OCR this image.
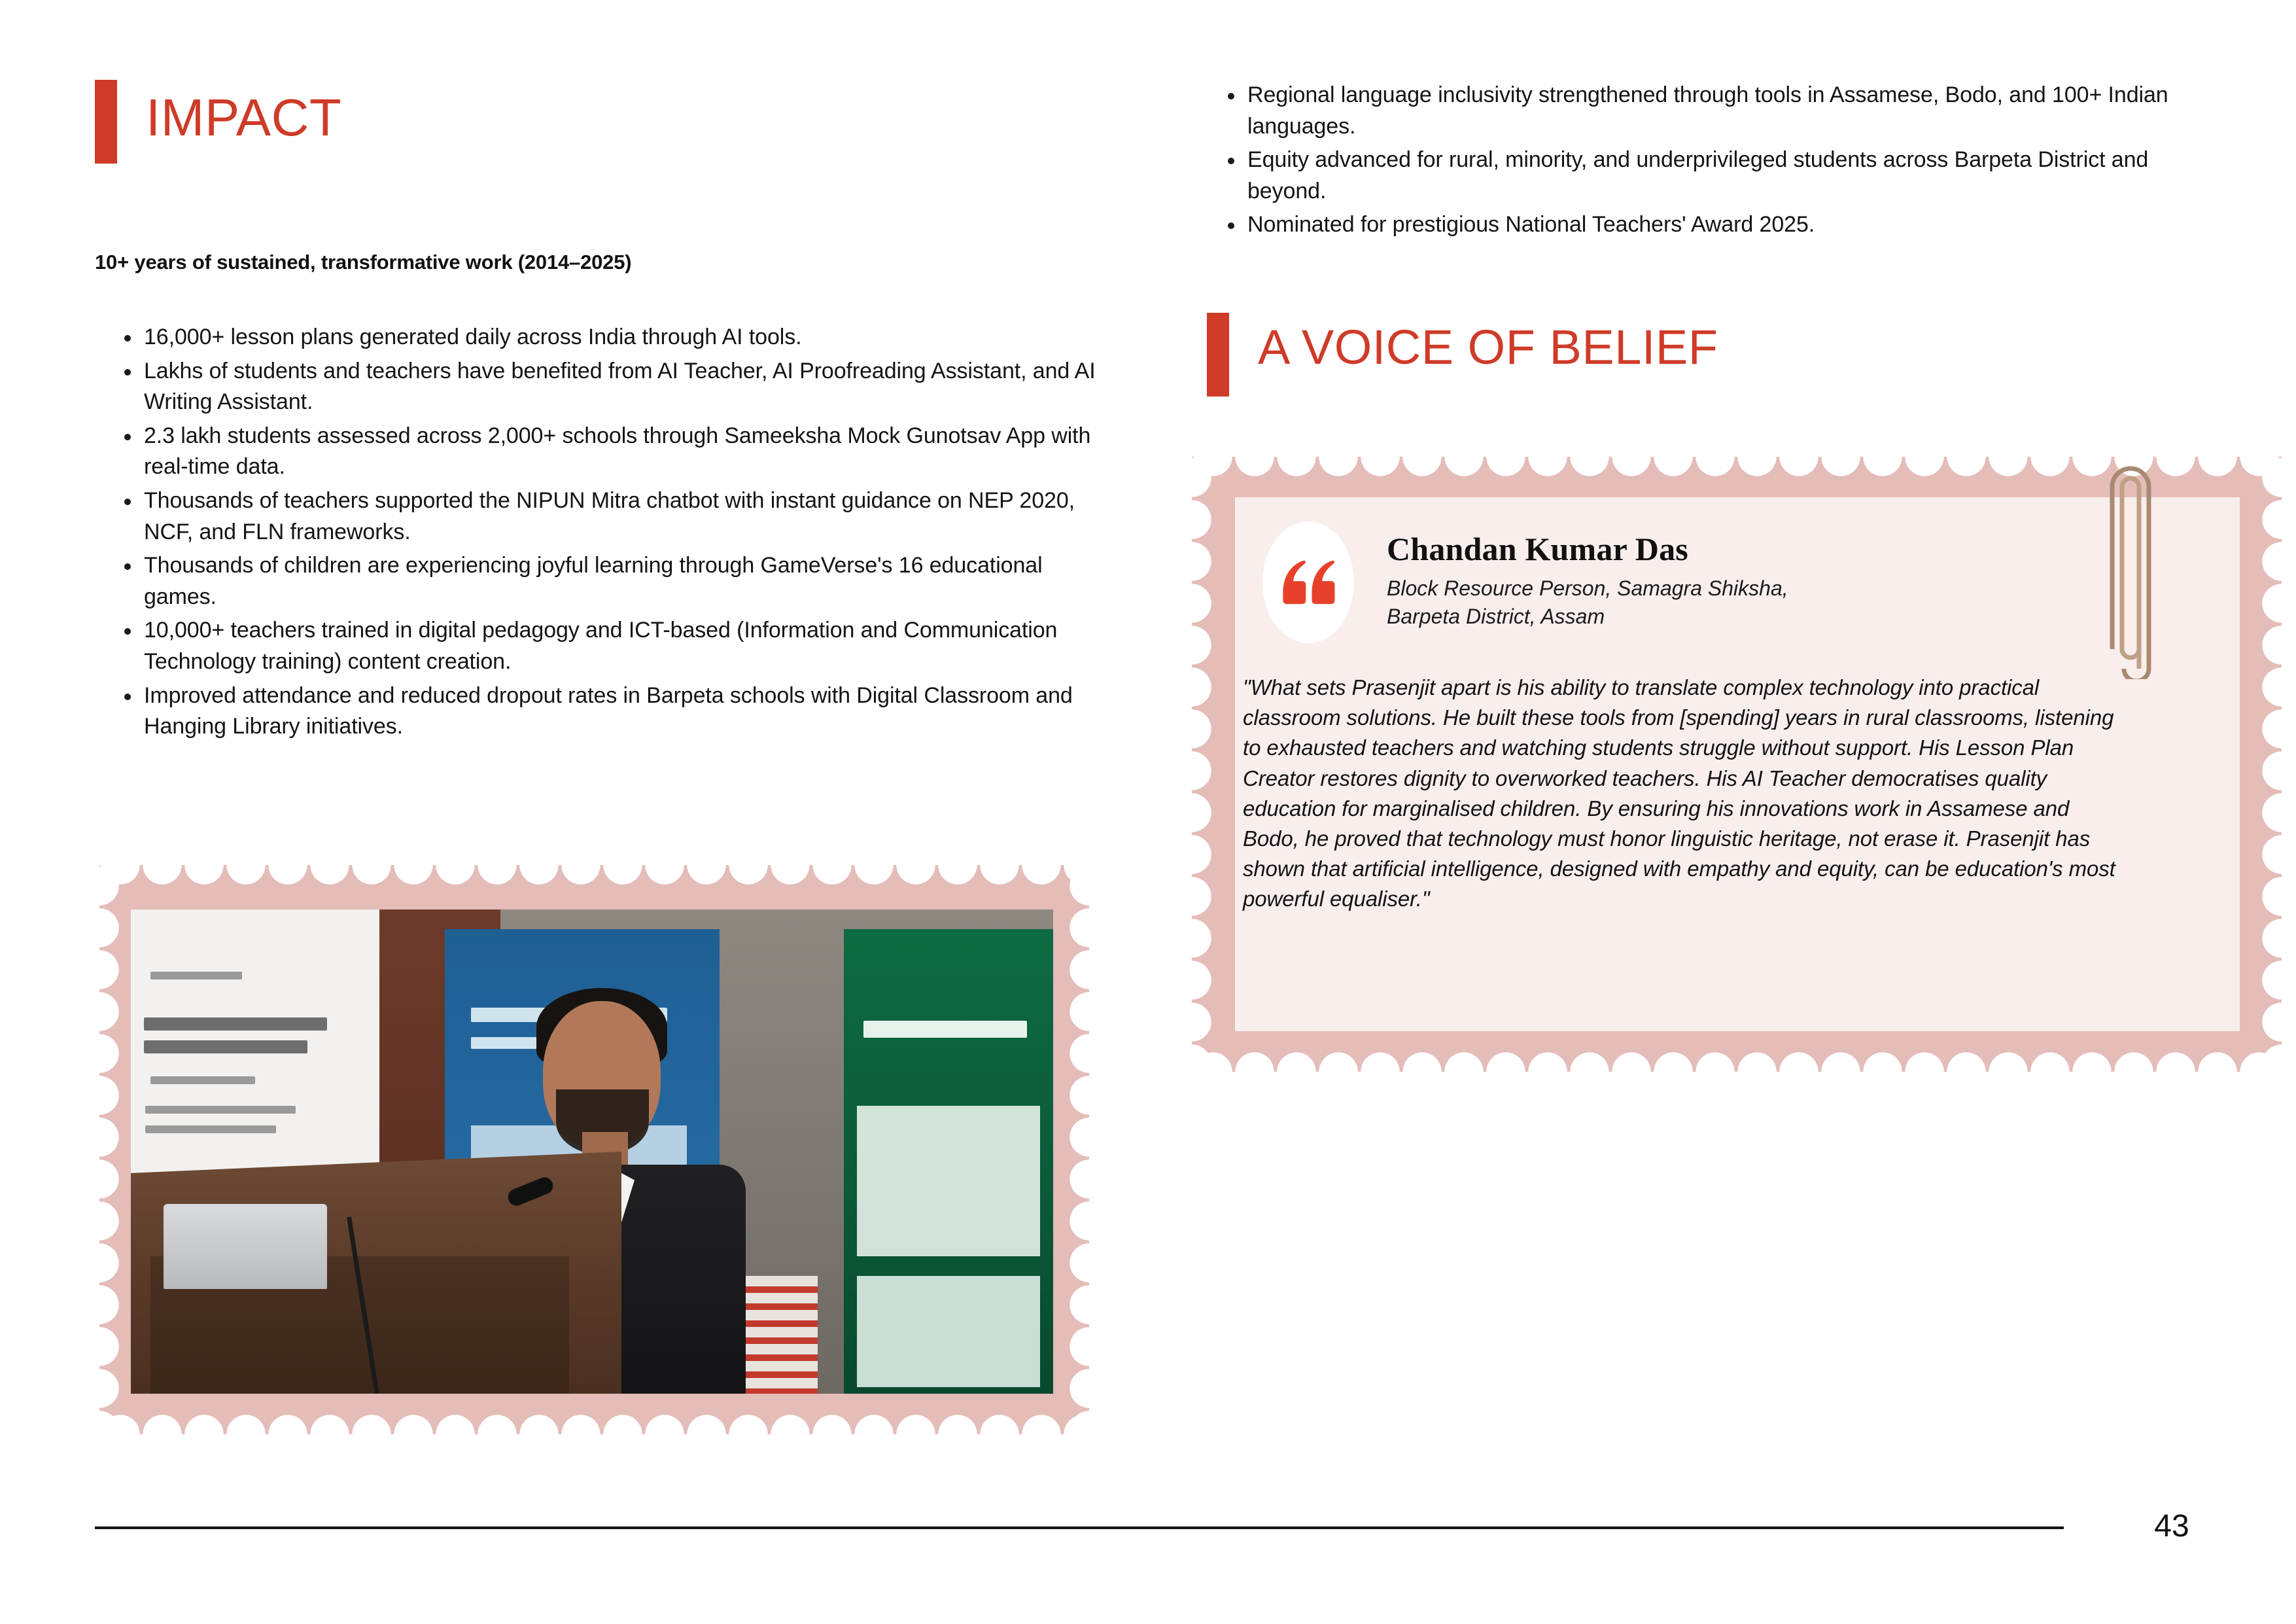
IMPACT
10+ years of sustained, transformative work (2014–2025)
16,000+ lesson plans generated daily across India through AI tools.
Lakhs of students and teachers have benefited from AI Teacher, AI Proofreading Assistant, and AI Writing Assistant.
2.3 lakh students assessed across 2,000+ schools through Sameeksha Mock Gunotsav App with real-time data.
Thousands of teachers supported the NIPUN Mitra chatbot with instant guidance on NEP 2020, NCF, and FLN frameworks.
Thousands of children are experiencing joyful learning through GameVerse's 16 educational games.
10,000+ teachers trained in digital pedagogy and ICT-based (Information and Communication Technology training) content creation.
Improved attendance and reduced dropout rates in Barpeta schools with Digital Classroom and Hanging Library initiatives.
Regional language inclusivity strengthened through tools in Assamese, Bodo, and 100+ Indian languages.
Equity advanced for rural, minority, and underprivileged students across Barpeta District and beyond.
Nominated for prestigious National Teachers' Award 2025.
A VOICE OF BELIEF
Chandan Kumar Das
Block Resource Person, Samagra Shiksha,
Barpeta District, Assam
"What sets Prasenjit apart is his ability to translate complex technology into practical classroom solutions. He built these tools from [spending] years in rural classrooms, listening to exhausted teachers and watching students struggle without support. His Lesson Plan Creator restores dignity to overworked teachers. His AI Teacher democratises quality education for marginalised children. By ensuring his innovations work in Assamese and Bodo, he proved that technology must honor linguistic heritage, not erase it. Prasenjit has shown that artificial intelligence, designed with empathy and equity, can be education's most powerful equaliser."
43
